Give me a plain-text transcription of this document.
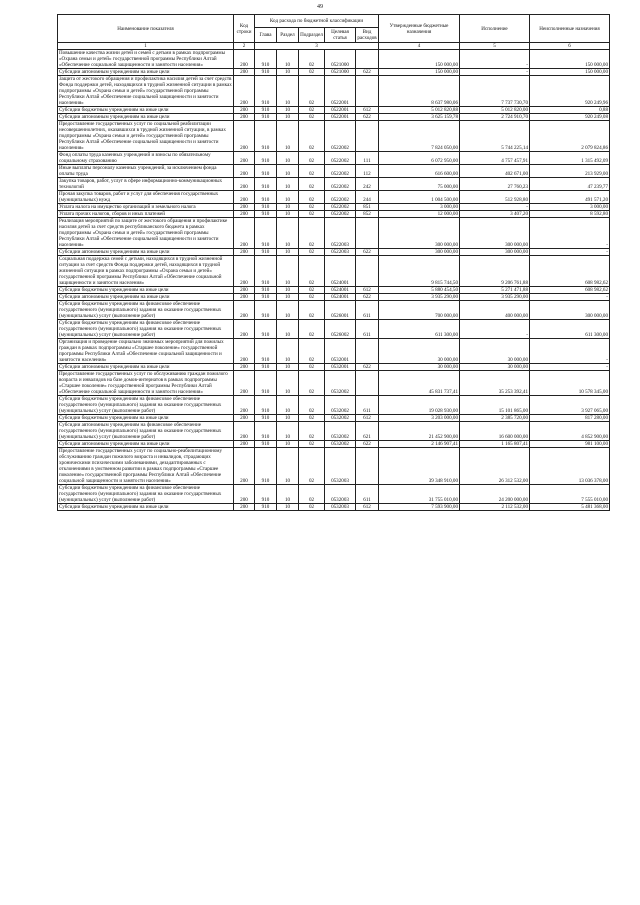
49
Наименование показателя	Код строки	Код расхода по бюджетной классификации					Утвержденные бюджетные назначения	Исполнение	Неисполненные назначения
		Глава	Раздел	Подраздел	Целевая статья	Вид расходов			
1	2	3					4	5	6
Повышение качества жизни детей и семей с детьми в рамках подпрограммы «Охрана семьи и детей» государственной программы Республики Алтай «Обеспечение социальной защищенности и занятости населения»	200	910	10	02	0521000		150 000,00	-	150 000,00
Субсидии автономным учреждениям на иные цели	200	910	10	02	0521000	622	150 000,00	-	150 000,00
Защита от жестокого обращения и профилактика насилия детей за счет средств Фонда поддержки детей, находящихся в трудной жизненной ситуации в рамках подпрограммы «Охрана семьи и детей» государственной программы Республики Алтай «Обеспечение социальной защищенности и занятости населения»	200	910	10	02	0522001		8 637 980,06	7 737 730,70	920 249,96
Субсидии бюджетным учреждениям на иные цели	200	910	10	02	0522001	612	5 012 820,88	5 012 820,00	0,88
Субсидии автономным учреждениям на иные цели	200	910	10	02	0522001	622	3 625 159,78	2 724 910,70	920 249,08
Предоставление государственных услуг по социальной реабилитации несовершеннолетних, оказавшихся в трудной жизненной ситуации, в рамках подпрограммы «Охрана семьи и детей» государственной программы Республики Алтай «Обеспечение социальной защищенности и занятости населения»	200	910	10	02	0522002		7 824 050,00	5 744 225,14	2 079 824,86
Фонд оплаты труда казенных учреждений и взносы по обязательному социальному страхованию	200	910	10	02	0522002	111	6 072 950,00	4 757 457,91	1 315 492,09
Иные выплаты персоналу казенных учреждений, за исключением фонда оплаты труда	200	910	10	02	0522002	112	616 600,00	402 671,00	213 929,00
Закупка товаров, работ, услуг в сфере информационно-коммуникационных технологий	200	910	10	02	0522002	242	75 000,00	27 760,23	47 239,77
Прочая закупка товаров, работ и услуг для обеспечения государственных (муниципальных) нужд	200	910	10	02	0522002	244	1 004 500,00	512 928,80	491 571,20
Уплата налога на имущество организаций и земельного налога	200	910	10	02	0522002	851	3 000,00	-	3 000,00
Уплата прочих налогов, сборов и иных платежей	200	910	10	02	0522002	852	12 000,00	3 407,20	8 592,80
Реализация мероприятий по защите от жестокого обращения и профилактике насилия детей за счет средств республиканского бюджета в рамках подпрограммы «Охрана семьи и детей» государственной программы Республики Алтай «Обеспечение социальной защищенности и занятости населения»	200	910	10	02	0522003		300 000,00	300 000,00	-
Субсидии автономным учреждениям на иные цели	200	910	10	02	0522003	622	300 000,00	300 000,00	-
Социальная поддержка семей с детьми, находящихся в трудной жизненной ситуации за счет средств Фонда поддержки детей, находящихся в трудной жизненной ситуации в рамках подпрограммы «Охрана семьи и детей» государственной программы Республики Алтай «Обеспечение социальной защищенности и занятости населения»	200	910	10	02	0524001		9 815 744,50	9 206 761,88	608 982,62
Субсидии бюджетным учреждениям на иные цели	200	910	10	02	0524001	612	5 880 454,50	5 271 471,88	608 982,62
Субсидии автономным учреждениям на иные цели	200	910	10	02	0524001	622	3 935 290,00	3 935 290,00	-
Субсидии бюджетным учреждениям на финансовое обеспечение государственного (муниципального) задания на оказание государственных (муниципальных) услуг (выполнение работ)	200	910	10	02	0526001	611	700 000,00	400 000,00	300 000,00
Субсидии бюджетным учреждениям на финансовое обеспечение государственного (муниципального) задания на оказание государственных (муниципальных) услуг (выполнение работ)	200	910	10	02	0526002	611	611 300,00	-	611 300,00
Организация и проведение социально значимых мероприятий для пожилых граждан в рамках подпрограммы «Старшее поколение» государственной программы Республики Алтай «Обеспечение социальной защищенности и занятости населения»	200	910	10	02	0532001		30 000,00	30 000,00	-
Субсидии автономным учреждениям на иные цели	200	910	10	02	0532001	622	30 000,00	30 000,00	-
Предоставление государственных услуг по обслуживанию граждан пожилого возраста и инвалидов на базе домов-интернатов в рамках подпрограммы «Старшее поколение» государственной программы Республики Алтай «Обеспечение социальной защищенности и занятости населения»	200	910	10	02	0532002		45 831 737,41	35 253 392,41	10 578 345,00
Субсидии бюджетным учреждениям на финансовое обеспечение государственного (муниципального) задания на оказание государственных (муниципальных) услуг (выполнение работ)	200	910	10	02	0532002	611	19 028 930,00	15 101 865,00	3 927 065,00
Субсидии бюджетным учреждениям на иные цели	200	910	10	02	0532002	612	3 203 000,00	2 385 720,00	817 280,00
Субсидии автономным учреждениям на финансовое обеспечение государственного (муниципального) задания на оказание государственных (муниципальных) услуг (выполнение работ)	200	910	10	02	0532002	621	21 452 900,00	16 600 000,00	4 852 900,00
Субсидии автономным учреждениям на иные цели	200	910	10	02	0532002	622	2 146 907,41	1 165 807,41	981 100,00
Предоставление государственных услуг по социально-реабилитационному обслуживанию граждан пожилого возраста и инвалидов, страдающих хроническими психическими заболеваниями, дезадаптированных с отклонениями в умственном развитии в рамках подпрограммы «Старшее поколение» государственной программы Республики Алтай «Обеспечение социальной защищенности и занятости населения»	200	910	10	02	0532003		39 348 910,00	26 312 532,00	13 036 378,00
Субсидии бюджетным учреждениям на финансовое обеспечение государственного (муниципального) задания на оказание государственных (муниципальных) услуг (выполнение работ)	200	910	10	02	0532003	611	31 755 010,00	24 200 000,00	7 555 010,00
Субсидии бюджетным учреждениям на иные цели	200	910	10	02	0532003	612	7 593 900,00	2 112 532,00	5 481 368,00
